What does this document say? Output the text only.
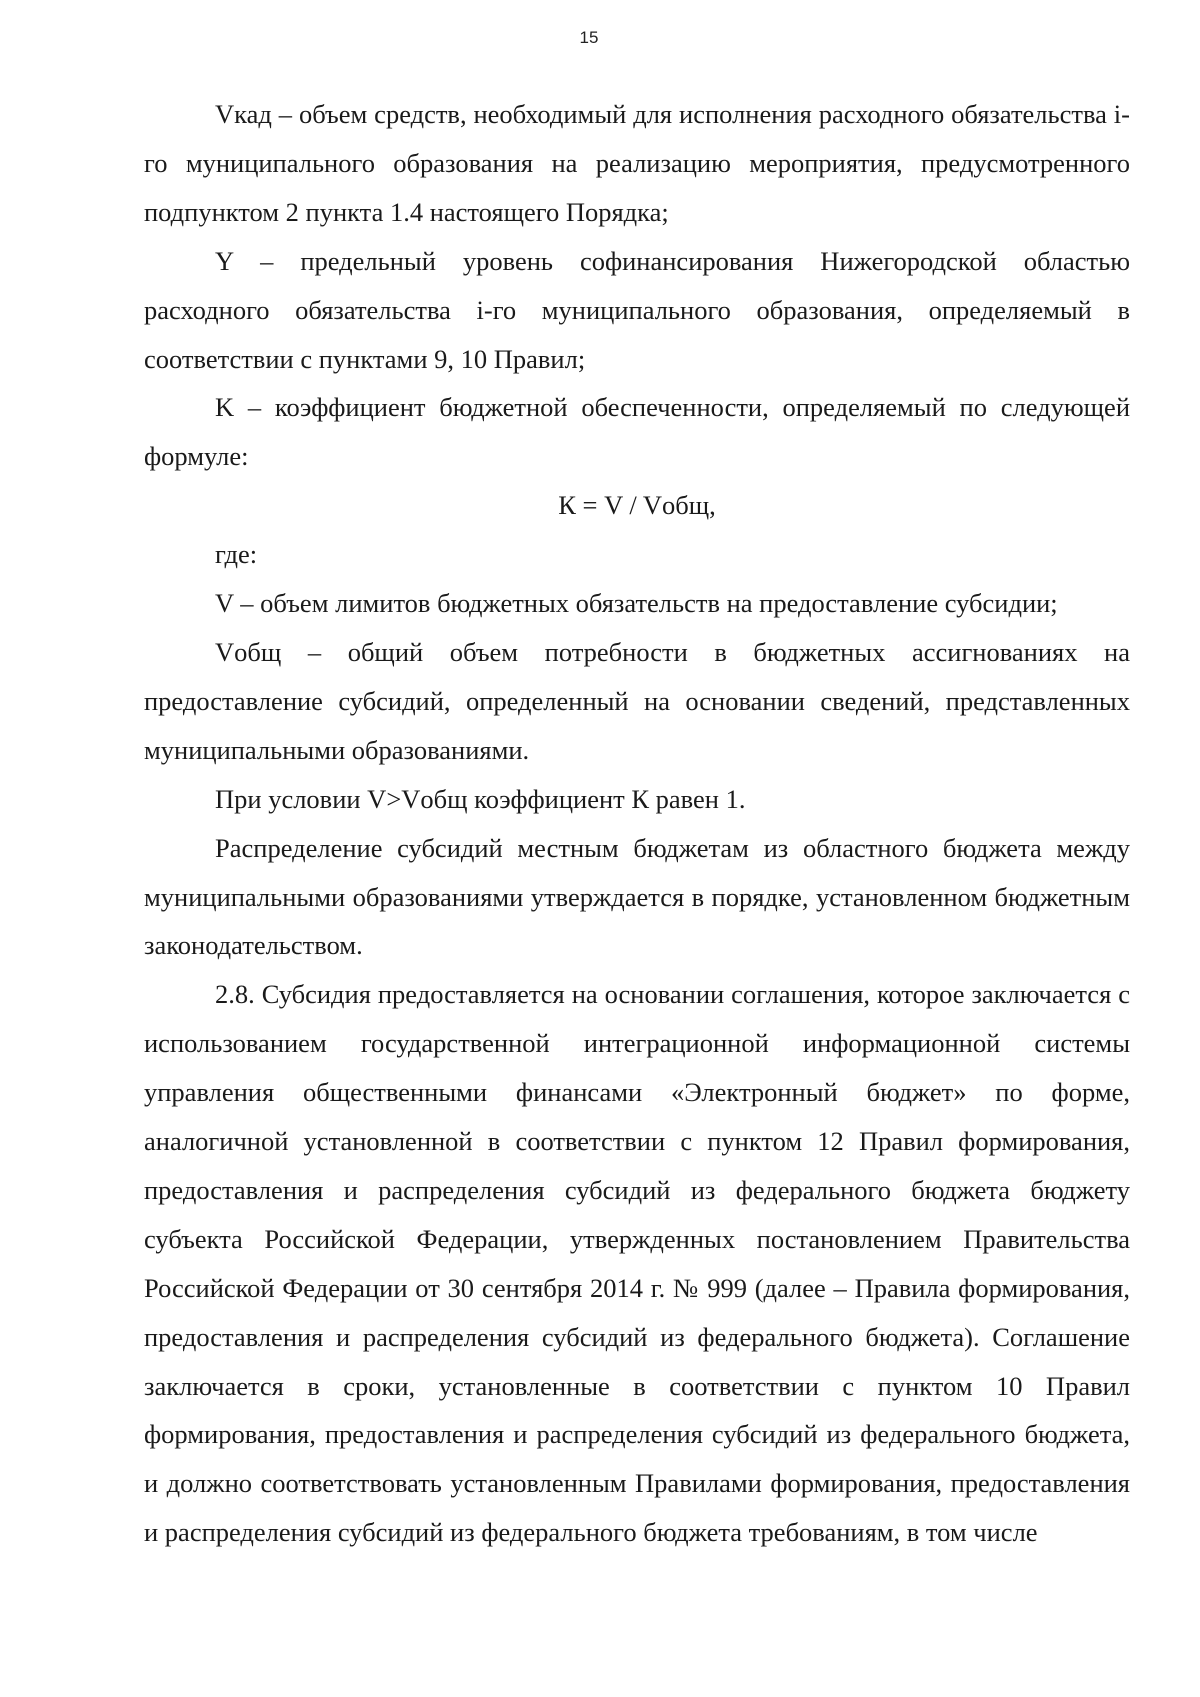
15

Vкад – объем средств, необходимый для исполнения расходного обязательства i-го муниципального образования на реализацию мероприятия, предусмотренного подпунктом 2 пункта 1.4 настоящего Порядка;

Y – предельный уровень софинансирования Нижегородской областью расходного обязательства i-го муниципального образования, определяемый в соответствии с пунктами 9, 10 Правил;

K – коэффициент бюджетной обеспеченности, определяемый по следующей формуле:

К = V / Vобщ,

где:

V – объем лимитов бюджетных обязательств на предоставление субсидии;

Vобщ – общий объем потребности в бюджетных ассигнованиях на предоставление субсидий, определенный на основании сведений, представленных муниципальными образованиями.

При условии V>Vобщ коэффициент К равен 1.

Распределение субсидий местным бюджетам из областного бюджета между муниципальными образованиями утверждается в порядке, установленном бюджетным законодательством.

2.8. Субсидия предоставляется на основании соглашения, которое заключается с использованием государственной интеграционной информационной системы управления общественными финансами «Электронный бюджет» по форме, аналогичной установленной в соответствии с пунктом 12 Правил формирования, предоставления и распределения субсидий из федерального бюджета бюджету субъекта Российской Федерации, утвержденных постановлением Правительства Российской Федерации от 30 сентября 2014 г. № 999 (далее – Правила формирования, предоставления и распределения субсидий из федерального бюджета). Соглашение заключается в сроки, установленные в соответствии с пунктом 10 Правил формирования, предоставления и распределения субсидий из федерального бюджета, и должно соответствовать установленным Правилами формирования, предоставления и распределения субсидий из федерального бюджета требованиям, в том числе
